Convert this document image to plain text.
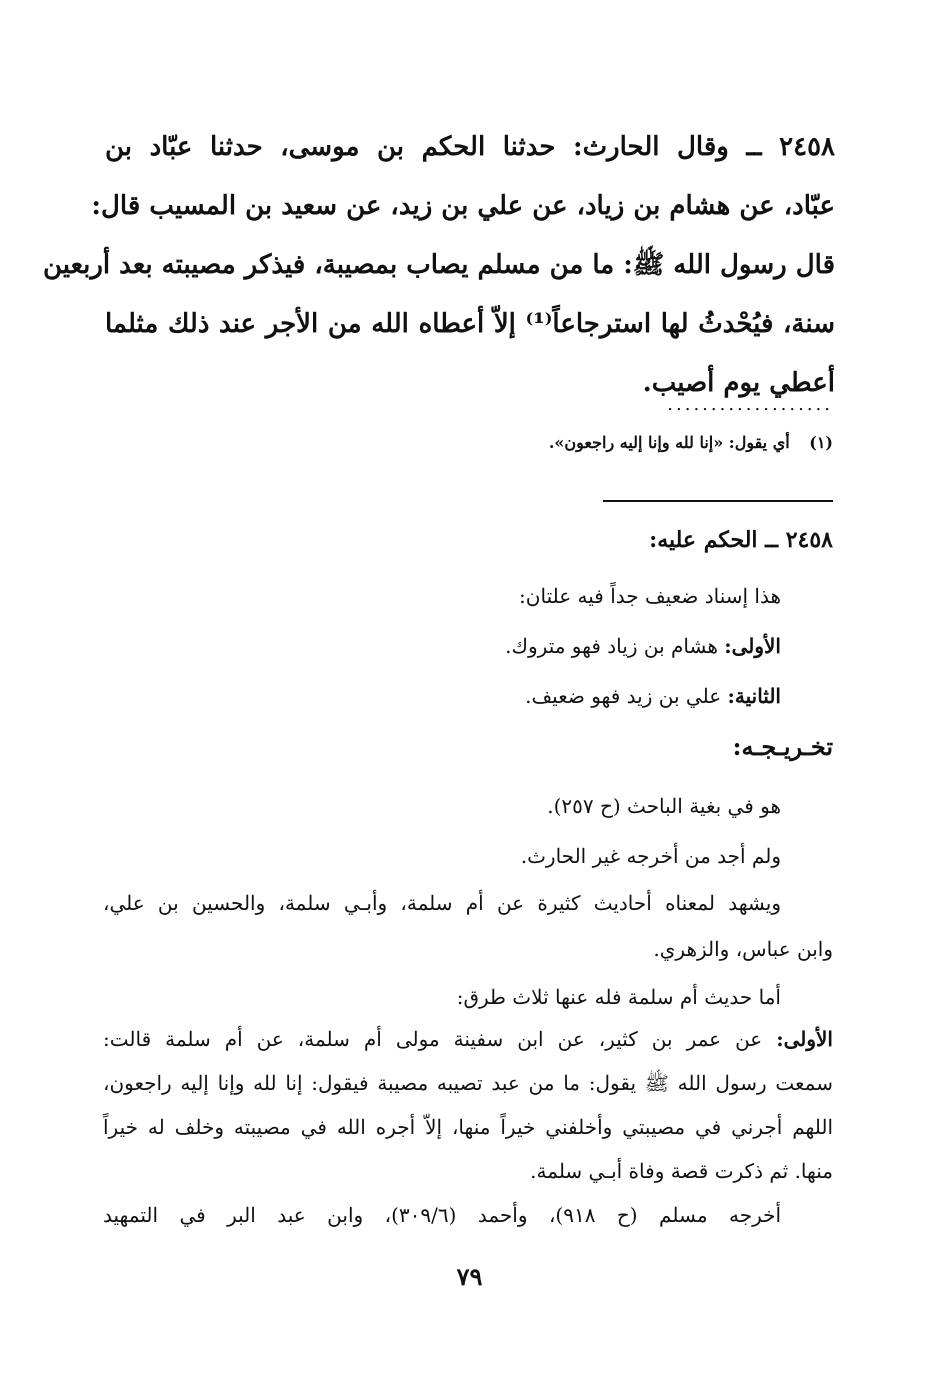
٢٤٥٨ ــ وقال الحارث: حدثنا الحكم بن موسى، حدثنا عبّاد بن
عبّاد، عن هشام بن زياد، عن علي بن زيد، عن سعيد بن المسيب قال:
قال رسول الله ﷺ: ما من مسلم يصاب بمصيبة، فيذكر مصيبته بعد أربعين
سنة، فيُحْدثُ لها استرجاعاً⁽¹⁾ إلاّ أعطاه الله من الأجر عند ذلك مثلما
أعطي يوم أصيب.
...................
(١) أي يقول: «إنا لله وإنا إليه راجعون».
٢٤٥٨ ــ الحكم عليه:
هذا إسناد ضعيف جداً فيه علتان:
الأولى: هشام بن زياد فهو متروك.
الثانية: علي بن زيد فهو ضعيف.
تخـريـجـه:
هو في بغية الباحث (ح ٢٥٧).
ولم أجد من أخرجه غير الحارث.
ويشهد لمعناه أحاديث كثيرة عن أم سلمة، وأبـي سلمة، والحسين بن علي،
وابن عباس، والزهري.
أما حديث أم سلمة فله عنها ثلاث طرق:
الأولى: عن عمر بن كثير، عن ابن سفينة مولى أم سلمة، عن أم سلمة قالت:
سمعت رسول الله ﷺ يقول: ما من عبد تصيبه مصيبة فيقول: إنا لله وإنا إليه راجعون،
اللهم أجرني في مصيبتي وأخلفني خيراً منها، إلاّ أجره الله في مصيبته وخلف له خيراً
منها. ثم ذكرت قصة وفاة أبـي سلمة.
أخرجه مسلم (ح ٩١٨)، وأحمد (٣٠٩/٦)، وابن عبد البر في التمهيد
٧٩
